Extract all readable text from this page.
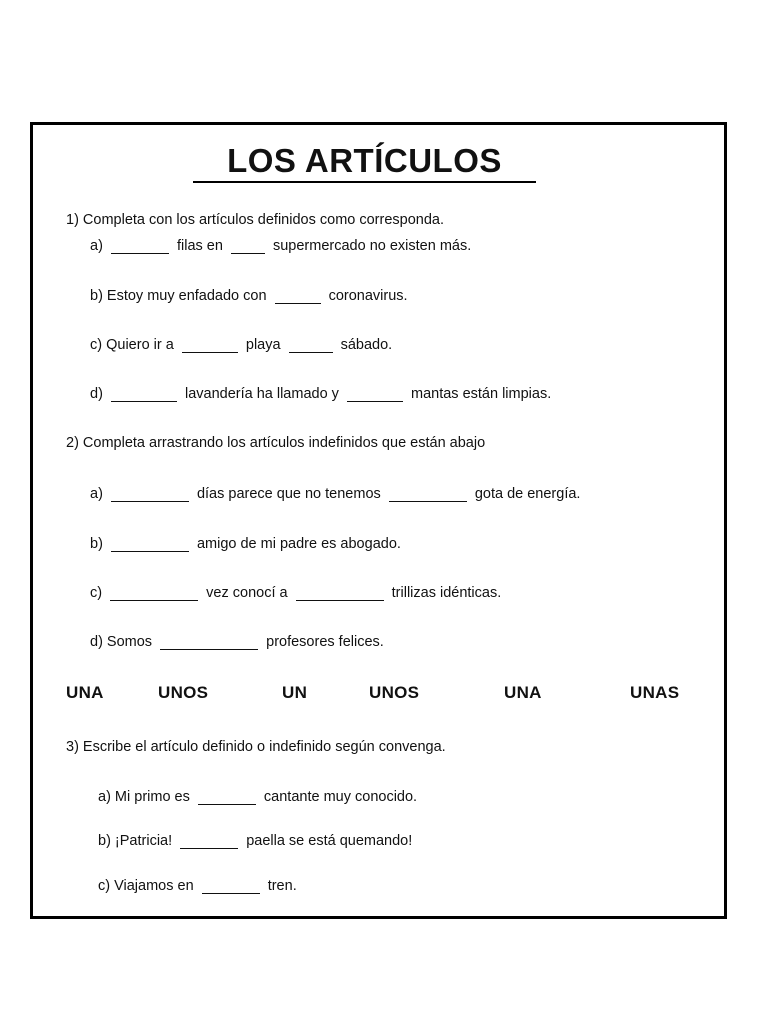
LOS ARTÍCULOS
1) Completa con los artículos definidos como corresponda.
a)	filas en	supermercado no existen más.
b) Estoy muy enfadado con	coronavirus.
c) Quiero ir a	playa	sábado.
d)	lavandería ha llamado y	mantas están limpias.
2) Completa arrastrando los artículos indefinidos que están abajo
a)	días parece que no tenemos	gota de energía.
b)	amigo de mi padre es abogado.
c)	vez conocí a	trillizas idénticas.
d) Somos	profesores felices.
UNA	UNOS	UN	UNOS	UNA	UNAS
3) Escribe el artículo definido o indefinido según convenga.
a) Mi primo es	cantante muy conocido.
b) ¡Patricia!	paella se está quemando!
c) Viajamos en	tren.
